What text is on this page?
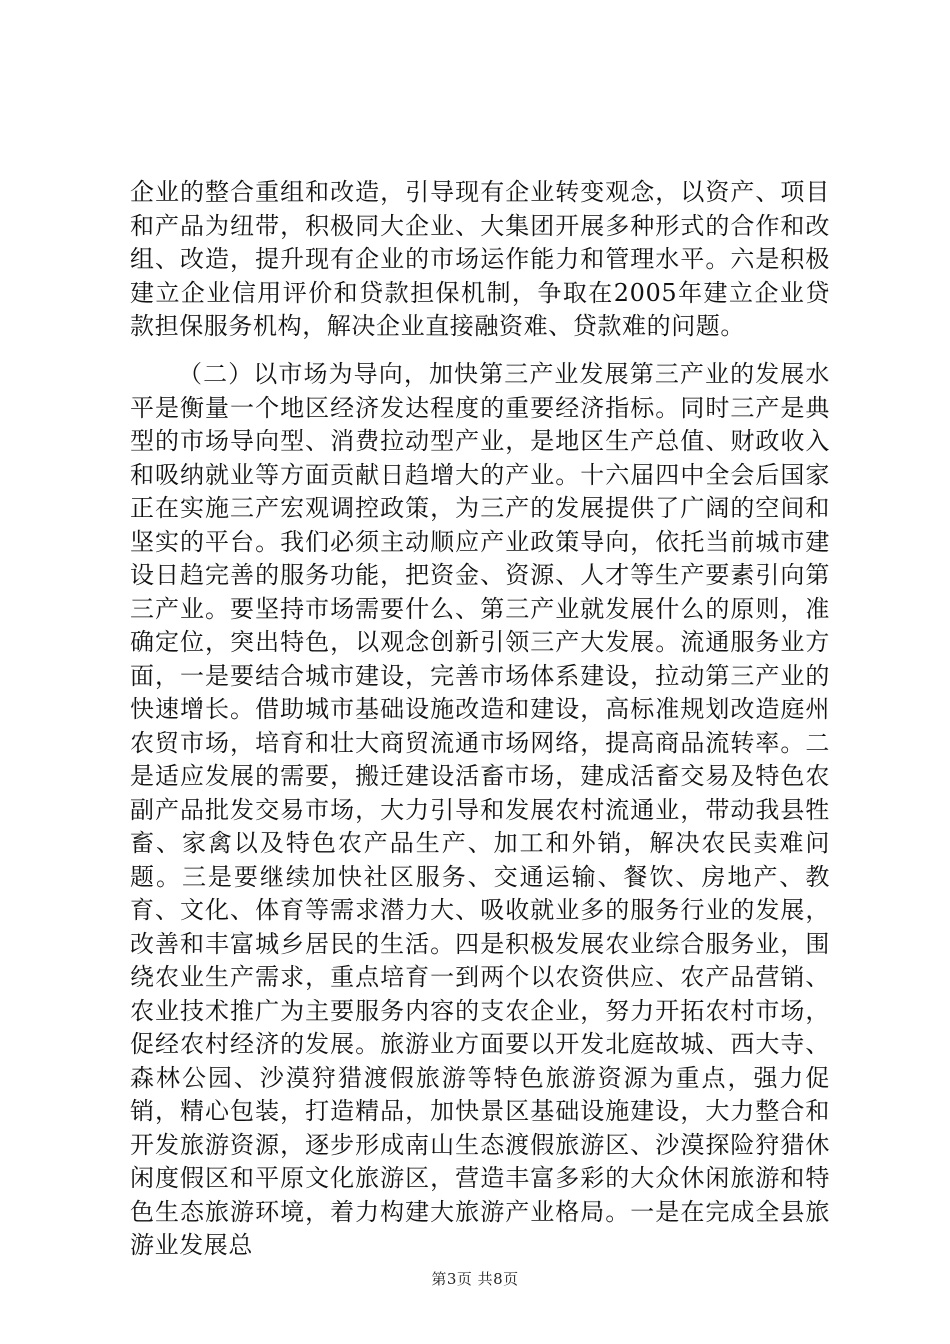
企业的整合重组和改造，引导现有企业转变观念，以资产、项目和产品为纽带，积极同大企业、大集团开展多种形式的合作和改组、改造，提升现有企业的市场运作能力和管理水平。六是积极建立企业信用评价和贷款担保机制，争取在2005年建立企业贷款担保服务机构，解决企业直接融资难、贷款难的问题。

（二）以市场为导向，加快第三产业发展第三产业的发展水平是衡量一个地区经济发达程度的重要经济指标。同时三产是典型的市场导向型、消费拉动型产业，是地区生产总值、财政收入和吸纳就业等方面贡献日趋增大的产业。十六届四中全会后国家正在实施三产宏观调控政策，为三产的发展提供了广阔的空间和坚实的平台。我们必须主动顺应产业政策导向，依托当前城市建设日趋完善的服务功能，把资金、资源、人才等生产要素引向第三产业。要坚持市场需要什么、第三产业就发展什么的原则，准确定位，突出特色，以观念创新引领三产大发展。流通服务业方面，一是要结合城市建设，完善市场体系建设，拉动第三产业的快速增长。借助城市基础设施改造和建设，高标准规划改造庭州农贸市场，培育和壮大商贸流通市场网络，提高商品流转率。二是适应发展的需要，搬迁建设活畜市场，建成活畜交易及特色农副产品批发交易市场，大力引导和发展农村流通业，带动我县牲畜、家禽以及特色农产品生产、加工和外销，解决农民卖难问题。三是要继续加快社区服务、交通运输、餐饮、房地产、教育、文化、体育等需求潜力大、吸收就业多的服务行业的发展，改善和丰富城乡居民的生活。四是积极发展农业综合服务业，围绕农业生产需求，重点培育一到两个以农资供应、农产品营销、农业技术推广为主要服务内容的支农企业，努力开拓农村市场，促经农村经济的发展。旅游业方面要以开发北庭故城、西大寺、森林公园、沙漠狩猎渡假旅游等特色旅游资源为重点，强力促销，精心包装，打造精品，加快景区基础设施建设，大力整合和开发旅游资源，逐步形成南山生态渡假旅游区、沙漠探险狩猎休闲度假区和平原文化旅游区，营造丰富多彩的大众休闲旅游和特色生态旅游环境，着力构建大旅游产业格局。一是在完成全县旅游业发展总

第3页 共8页
